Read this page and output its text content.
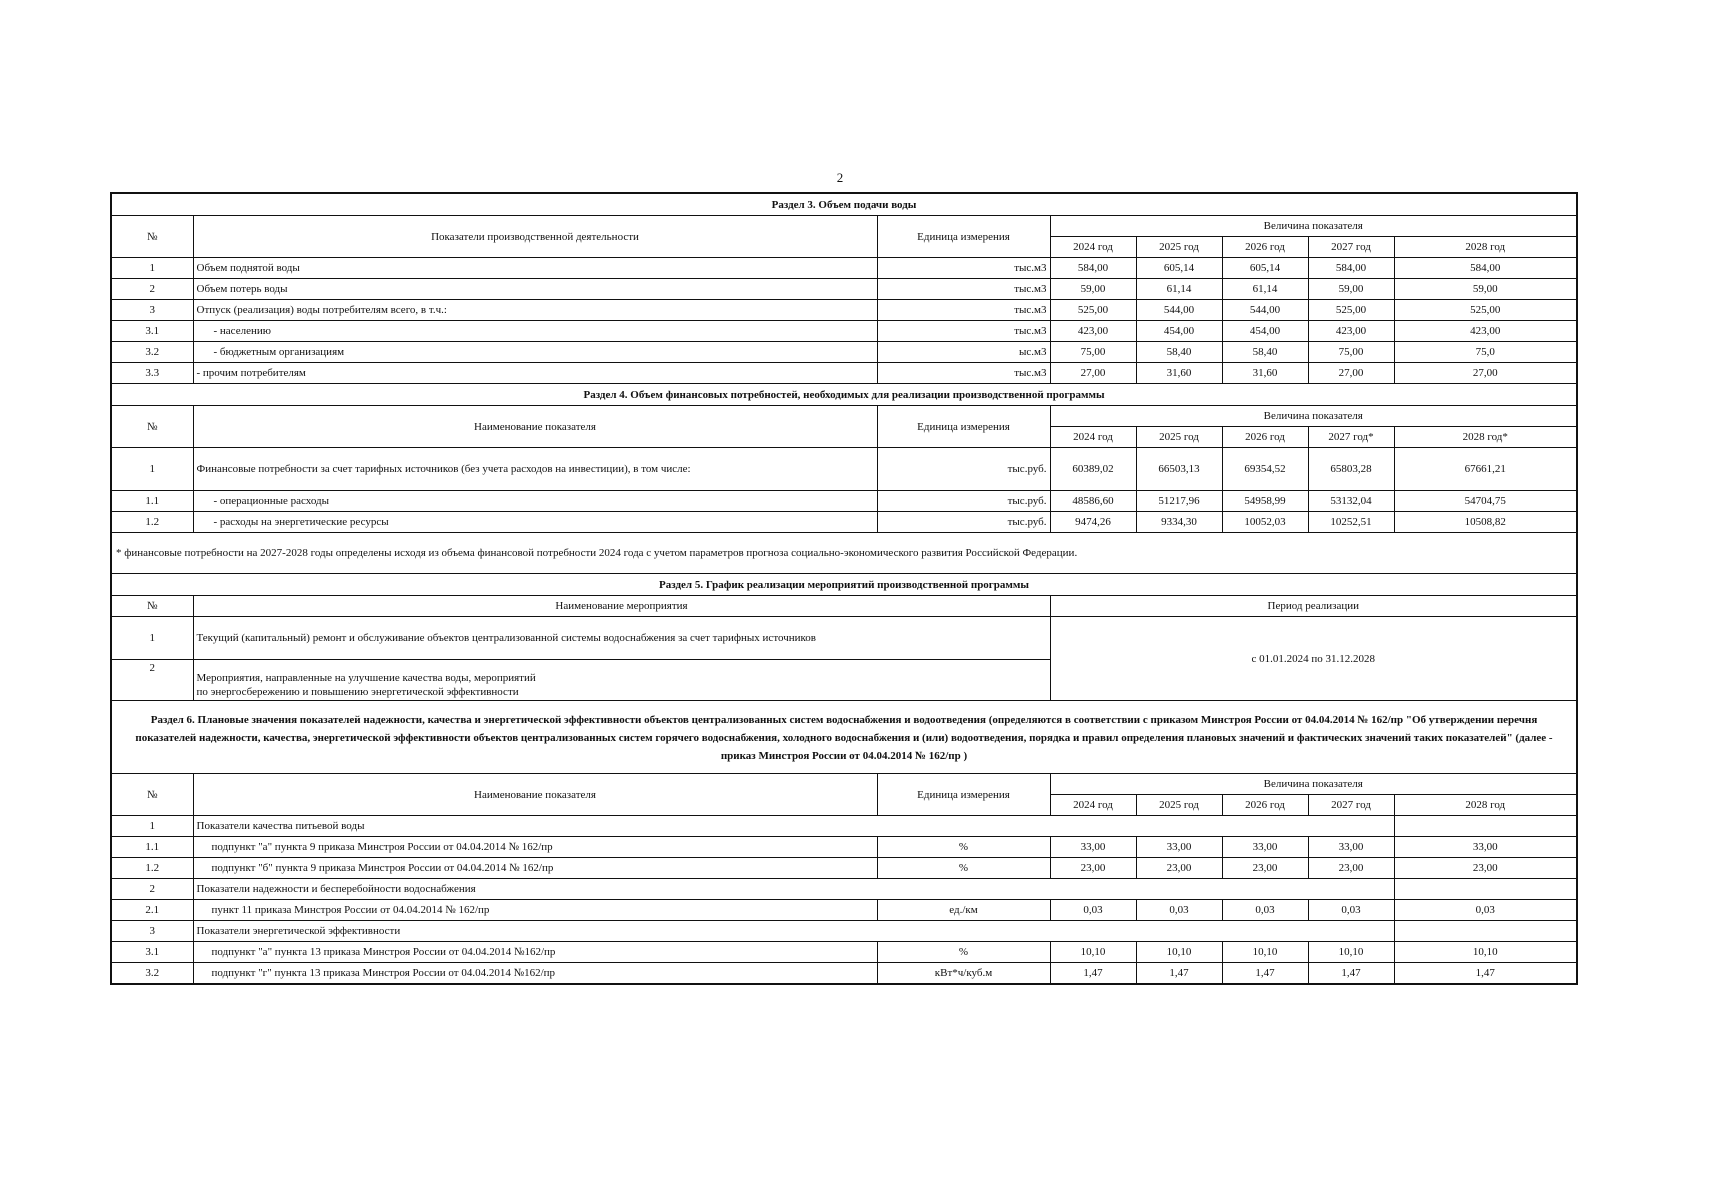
2
Раздел 3. Объем подачи воды							
№	Показатели производственной деятельности	Единица измерения	Величина показателя				
			2024 год	2025 год	2026 год	2027 год	2028 год
1	Объем поднятой воды	тыс.м3	584,00	605,14	605,14	584,00	584,00
2	Объем потерь воды	тыс.м3	59,00	61,14	61,14	59,00	59,00
3	Отпуск (реализация) воды потребителям всего, в т.ч.:	тыс.м3	525,00	544,00	544,00	525,00	525,00
3.1	- населению	тыс.м3	423,00	454,00	454,00	423,00	423,00
3.2	- бюджетным организациям	ыс.м3	75,00	58,40	58,40	75,00	75,0
3.3	- прочим потребителям	тыс.м3	27,00	31,60	31,60	27,00	27,00
Раздел 4. Объем финансовых потребностей, необходимых для реализации производственной программы							
№	Наименование показателя	Единица измерения	Величина показателя				
			2024 год	2025 год	2026 год	2027 год*	2028 год*
1	Финансовые потребности за счет тарифных источников (без учета расходов на инвестиции), в том числе:	тыс.руб.	60389,02	66503,13	69354,52	65803,28	67661,21
1.1	- операционные расходы	тыс.руб.	48586,60	51217,96	54958,99	53132,04	54704,75
1.2	- расходы на энергетические ресурсы	тыс.руб.	9474,26	9334,30	10052,03	10252,51	10508,82
* финансовые потребности на 2027-2028 годы определены исходя из объема финансовой потребности 2024 года с учетом параметров прогноза социально-экономического развития Российской Федерации.							
Раздел 5. График реализации мероприятий производственной программы							
№	Наименование мероприятия		Период реализации				
1	Текущий (капитальный) ремонт и обслуживание объектов централизованной системы водоснабжения за счет тарифных источников		с 01.01.2024 по 31.12.2028				
2	Мероприятия, направленные на улучшение качества воды, мероприятий
по энергосбережению и повышению энергетической эффективности						

Раздел 6. Плановые значения показателей надежности, качества и энергетической эффективности объектов централизованных систем водоснабжения и водоотведения (определяются в соответствии с приказом Минстроя России от 04.04.2014 № 162/пр "Об утверждении перечня показателей надежности, качества, энергетической эффективности объектов централизованных систем горячего водоснабжения, холодного водоснабжения и (или) водоотведения, порядка и правил определения плановых значений и фактических значений таких показателей" (далее - приказ Минстроя России от 04.04.2014 № 162/пр )							
№	Наименование показателя	Единица измерения	Величина показателя				
			2024 год	2025 год	2026 год	2027 год	2028 год
1	Показатели качества питьевой воды						
1.1	подпункт "а" пункта 9 приказа Минстроя России от 04.04.2014 № 162/пр	%	33,00	33,00	33,00	33,00	33,00
1.2	подпункт "б" пункта 9 приказа Минстроя России от 04.04.2014 № 162/пр	%	23,00	23,00	23,00	23,00	23,00
2	Показатели надежности и бесперебойности водоснабжения						
2.1	пункт 11 приказа Минстроя России от 04.04.2014 № 162/пр	ед./км	0,03	0,03	0,03	0,03	0,03
3	Показатели энергетической эффективности						
3.1	подпункт "а" пункта 13 приказа Минстроя России от 04.04.2014 №162/пр	%	10,10	10,10	10,10	10,10	10,10
3.2	подпункт "г" пункта 13 приказа Минстроя России от 04.04.2014 №162/пр	кВт*ч/куб.м	1,47	1,47	1,47	1,47	1,47
